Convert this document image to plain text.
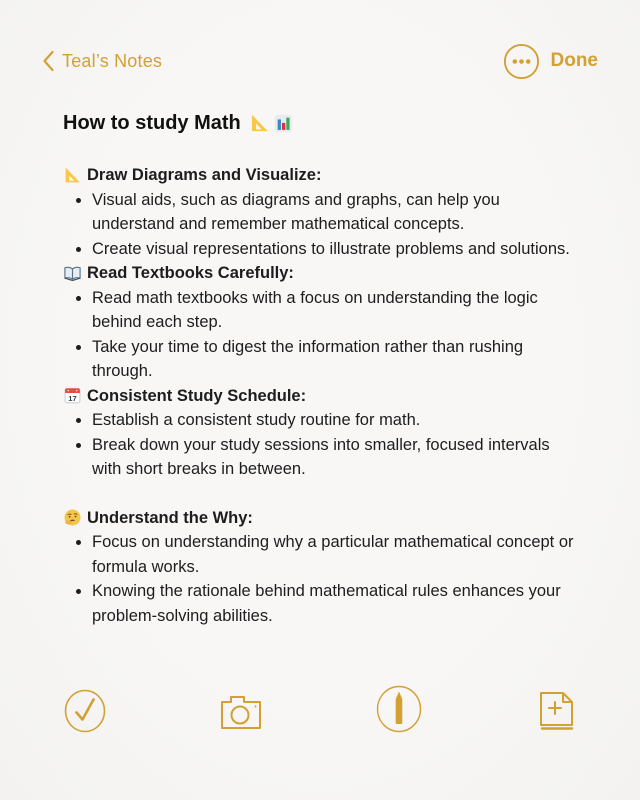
Teal’s Notes	Done
How to study Math
Draw Diagrams and Visualize:
• Visual aids, such as diagrams and graphs, can help you understand and remember mathematical concepts.
• Create visual representations to illustrate problems and solutions.
Read Textbooks Carefully:
• Read math textbooks with a focus on understanding the logic behind each step.
• Take your time to digest the information rather than rushing through.
17 Consistent Study Schedule:
• Establish a consistent study routine for math.
• Break down your study sessions into smaller, focused intervals with short breaks in between.
Understand the Why:
• Focus on understanding why a particular mathematical concept or formula works.
• Knowing the rationale behind mathematical rules enhances your problem-solving abilities.
